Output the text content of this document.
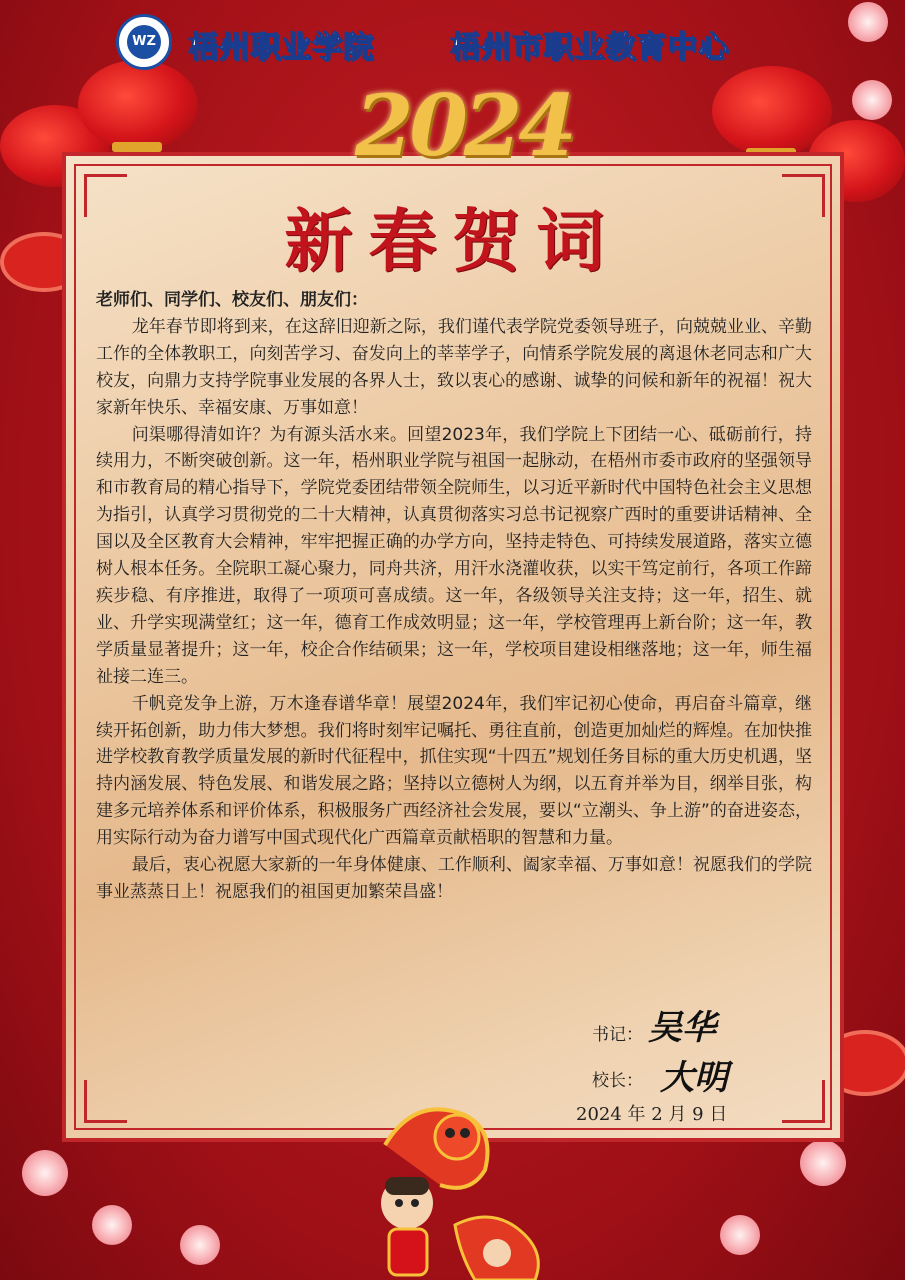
WZ 梧州职业学院	梧州市职业教育中心
2024
新春贺词
老师们、同学们、校友们、朋友们：

龙年春节即将到来，在这辞旧迎新之际，我们谨代表学院党委领导班子，向兢兢业业、辛勤工作的全体教职工，向刻苦学习、奋发向上的莘莘学子，向情系学院发展的离退休老同志和广大校友，向鼎力支持学院事业发展的各界人士，致以衷心的感谢、诚挚的问候和新年的祝福！祝大家新年快乐、幸福安康、万事如意！

问渠哪得清如许？为有源头活水来。回望2023年，我们学院上下团结一心、砥砺前行，持续用力，不断突破创新。这一年，梧州职业学院与祖国一起脉动，在梧州市委市政府的坚强领导和市教育局的精心指导下，学院党委团结带领全院师生，以习近平新时代中国特色社会主义思想为指引，认真学习贯彻党的二十大精神，认真贯彻落实习总书记视察广西时的重要讲话精神、全国以及全区教育大会精神，牢牢把握正确的办学方向，坚持走特色、可持续发展道路，落实立德树人根本任务。全院职工凝心聚力，同舟共济，用汗水浇灌收获，以实干笃定前行，各项工作蹄疾步稳、有序推进，取得了一项项可喜成绩。这一年，各级领导关注支持；这一年，招生、就业、升学实现满堂红；这一年，德育工作成效明显；这一年，学校管理再上新台阶；这一年，教学质量显著提升；这一年，校企合作结硕果；这一年，学校项目建设相继落地；这一年，师生福祉接二连三。

千帆竞发争上游，万木逢春谱华章！展望2024年，我们牢记初心使命，再启奋斗篇章，继续开拓创新，助力伟大梦想。我们将时刻牢记嘱托、勇往直前，创造更加灿烂的辉煌。在加快推进学校教育教学质量发展的新时代征程中，抓住实现“十四五”规划任务目标的重大历史机遇，坚持内涵发展、特色发展、和谐发展之路；坚持以立德树人为纲，以五育并举为目，纲举目张，构建多元培养体系和评价体系，积极服务广西经济社会发展，要以“立潮头、争上游”的奋进姿态，用实际行动为奋力谱写中国式现代化广西篇章贡献梧职的智慧和力量。

最后，衷心祝愿大家新的一年身体健康、工作顺利、阖家幸福、万事如意！祝愿我们的学院事业蒸蒸日上！祝愿我们的祖国更加繁荣昌盛！

书记： 吴华
校长： 大明
2024 年 2 月 9 日
